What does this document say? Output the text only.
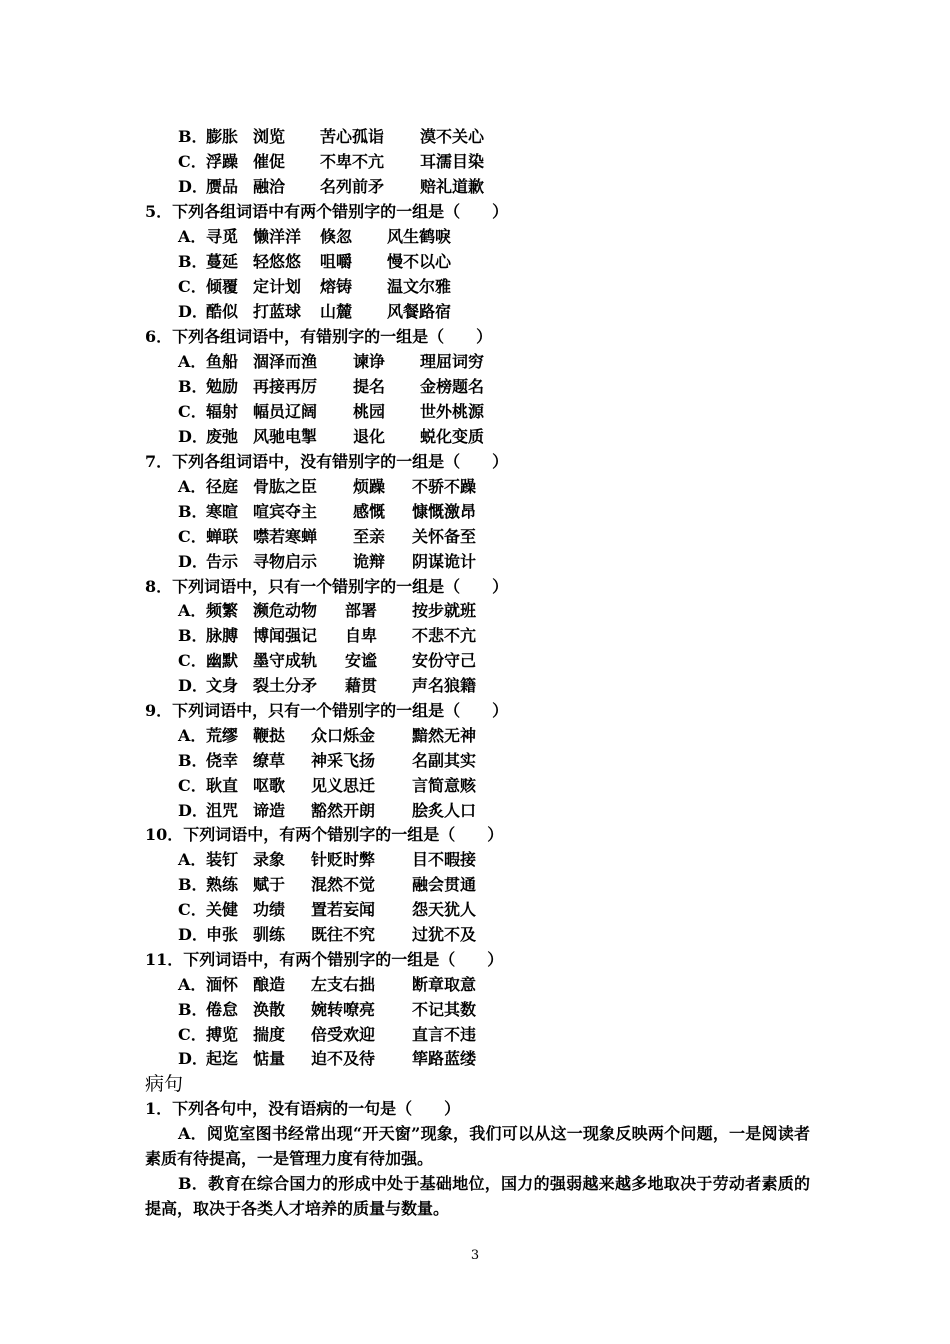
B．
膨胀 浏览 苦心孤诣 漠不关心
C． 浮躁 催促 不卑不亢 耳濡目染
D．
赝品 融洽 名列前矛 赔礼道歉
5．下列各组词语中有两个错别字的一组是（　　）
A． 寻觅 懒洋洋 倏忽 风生鹤唳
B．
蔓延 轻悠悠 咀嚼 慢不以心
C． 倾覆 定计划 熔铸 温文尔雅
D．
酷似 打蓝球 山麓 风餐路宿
6．下列各组词语中，有错别字的一组是（　　）
A． 鱼船 涸泽而渔 谏诤 理屈词穷
B．
勉励 再接再厉 提名 金榜题名
C． 辐射 幅员辽阔 桃园 世外桃源
D．
废弛 风驰电掣 退化 蜕化变质
7．下列各组词语中，没有错别字的一组是（　　）
A． 径庭 骨肱之臣 烦躁 不骄不躁
B．
寒暄 喧宾夺主 感慨 慷慨激昂
C． 蝉联 噤若寒蝉 至亲 关怀备至
D．
告示 寻物启示 诡辩 阴谋诡计
8．下列词语中，只有一个错别字的一组是（　　）
A． 频繁 濒危动物 部署 按步就班
B．
脉膊 博闻强记 自卑 不悲不亢
C． 幽默 墨守成轨 安谧 安份守己
D．
文身 裂土分矛 藉贯 声名狼籍
9．下列词语中，只有一个错别字的一组是（　　）
A． 荒缪 鞭挞 众口烁金 黯然无神
B．
侥幸 缭草 神采飞扬 名副其实
C． 耿直 呕歌 见义思迁 言简意赅
D．
沮咒 谛造 豁然开朗 脍炙人口
10．下列词语中，有两个错别字的一组是（　　）
A． 装钉 录象 针贬时弊 目不暇接
B．
熟练 赋于 混然不觉 融会贯通
C． 关健 功绩 置若妄闻 怨天犹人
D．
申张 驯练 既往不究 过犹不及
11．下列词语中，有两个错别字的一组是（　　）
A． 湎怀 酿造 左支右拙 断章取意
B．
倦怠 涣散 婉转嘹亮 不记其数
C． 搏览 揣度 倍受欢迎 直言不违
D．
起迄 惦量 迫不及待 筚路蓝缕
病句
1．下列各句中，没有语病的一句是（　　）
A．阅览室图书经常出现“开天窗”现象，我们可以从这一现象反映两个问题，一是阅读者素质有待提高，一是管理力度有待加强。
B．教育在综合国力的形成中处于基础地位，国力的强弱越来越多地取决于劳动者素质的提高，取决于各类人才培养的质量与数量。
3
